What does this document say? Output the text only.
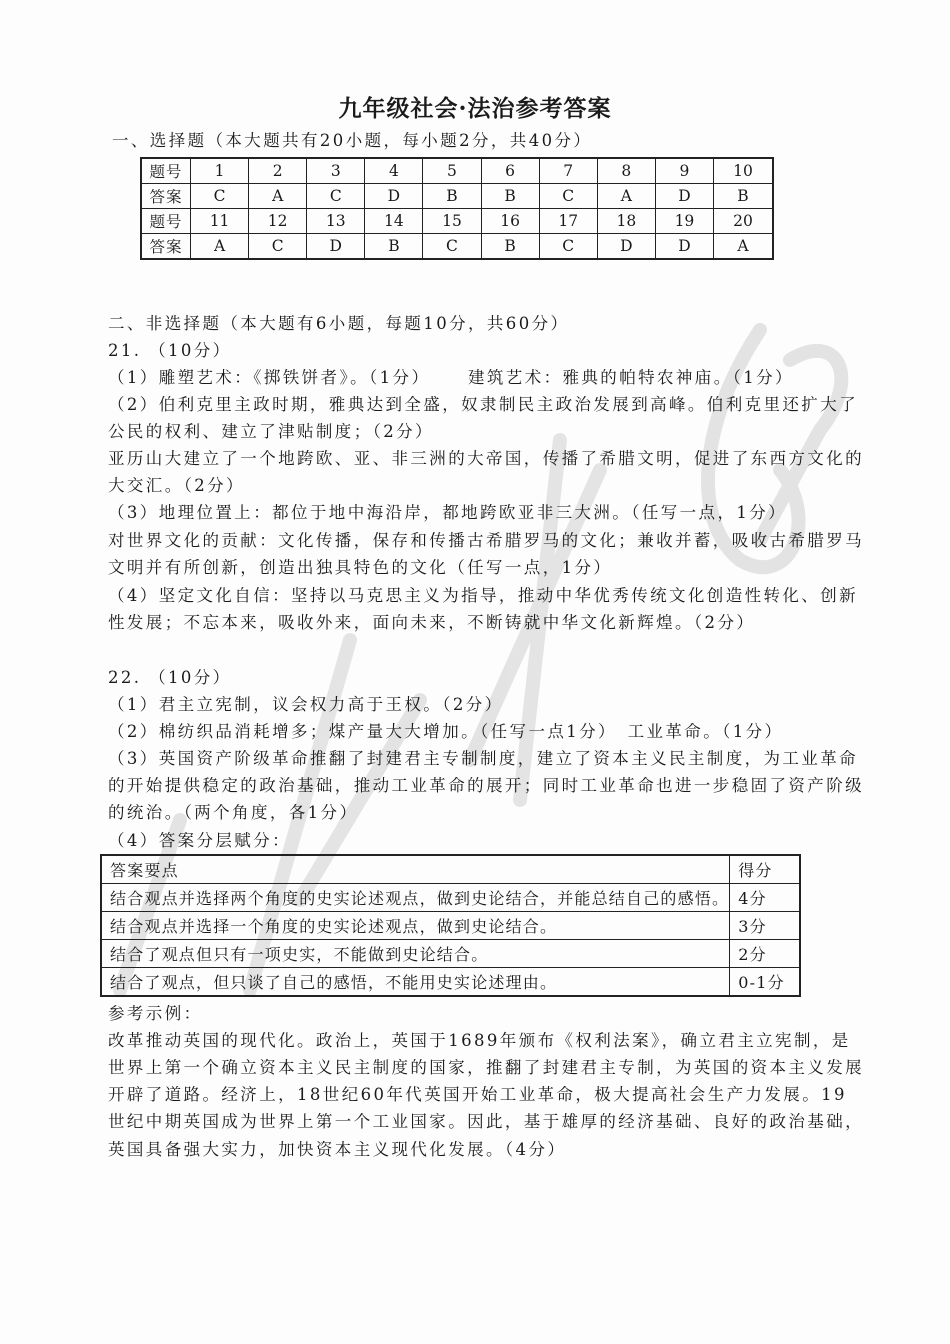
九年级社会·法治参考答案
一、选择题（本大题共有20小题，每小题2分，共40分）
题号	1	2	3	4	5	6	7	8	9	10
答案	C	A	C	D	B	B	C	A	D	B
题号	11	12	13	14	15	16	17	18	19	20
答案	A	C	D	B	C	B	C	D	D	A
二、非选择题（本大题有6小题，每题10分，共60分）
21. （10分）
（1）雕塑艺术：《掷铁饼者》。（1分） 建筑艺术：雅典的帕特农神庙。（1分）
（2）伯利克里主政时期，雅典达到全盛，奴隶制民主政治发展到高峰。伯利克里还扩大了
公民的权利、建立了津贴制度；（2分）
亚历山大建立了一个地跨欧、亚、非三洲的大帝国，传播了希腊文明，促进了东西方文化的
大交汇。（2分）
（3）地理位置上：都位于地中海沿岸，都地跨欧亚非三大洲。（任写一点，1分）
对世界文化的贡献：文化传播，保存和传播古希腊罗马的文化；兼收并蓄，吸收古希腊罗马
文明并有所创新，创造出独具特色的文化（任写一点，1分）
（4）坚定文化自信：坚持以马克思主义为指导，推动中华优秀传统文化创造性转化、创新
性发展；不忘本来，吸收外来，面向未来，不断铸就中华文化新辉煌。（2分）
22. （10分）
（1）君主立宪制，议会权力高于王权。（2分）
（2）棉纺织品消耗增多；煤产量大大增加。（任写一点1分）　工业革命。（1分）
（3）英国资产阶级革命推翻了封建君主专制制度，建立了资本主义民主制度，为工业革命
的开始提供稳定的政治基础，推动工业革命的展开；同时工业革命也进一步稳固了资产阶级
的统治。（两个角度，各1分）
（4）答案分层赋分：
答案要点	得分
结合观点并选择两个角度的史实论述观点，做到史论结合，并能总结自己的感悟。	4分
结合观点并选择一个角度的史实论述观点，做到史论结合。	3分
结合了观点但只有一项史实，不能做到史论结合。	2分
结合了观点，但只谈了自己的感悟，不能用史实论述理由。	0-1分
参考示例：
改革推动英国的现代化。政治上，英国于1689年颁布《权利法案》，确立君主立宪制，是
世界上第一个确立资本主义民主制度的国家，推翻了封建君主专制，为英国的资本主义发展
开辟了道路。经济上，18世纪60年代英国开始工业革命，极大提高社会生产力发展。19
世纪中期英国成为世界上第一个工业国家。因此，基于雄厚的经济基础、良好的政治基础，
英国具备强大实力，加快资本主义现代化发展。（4分）
